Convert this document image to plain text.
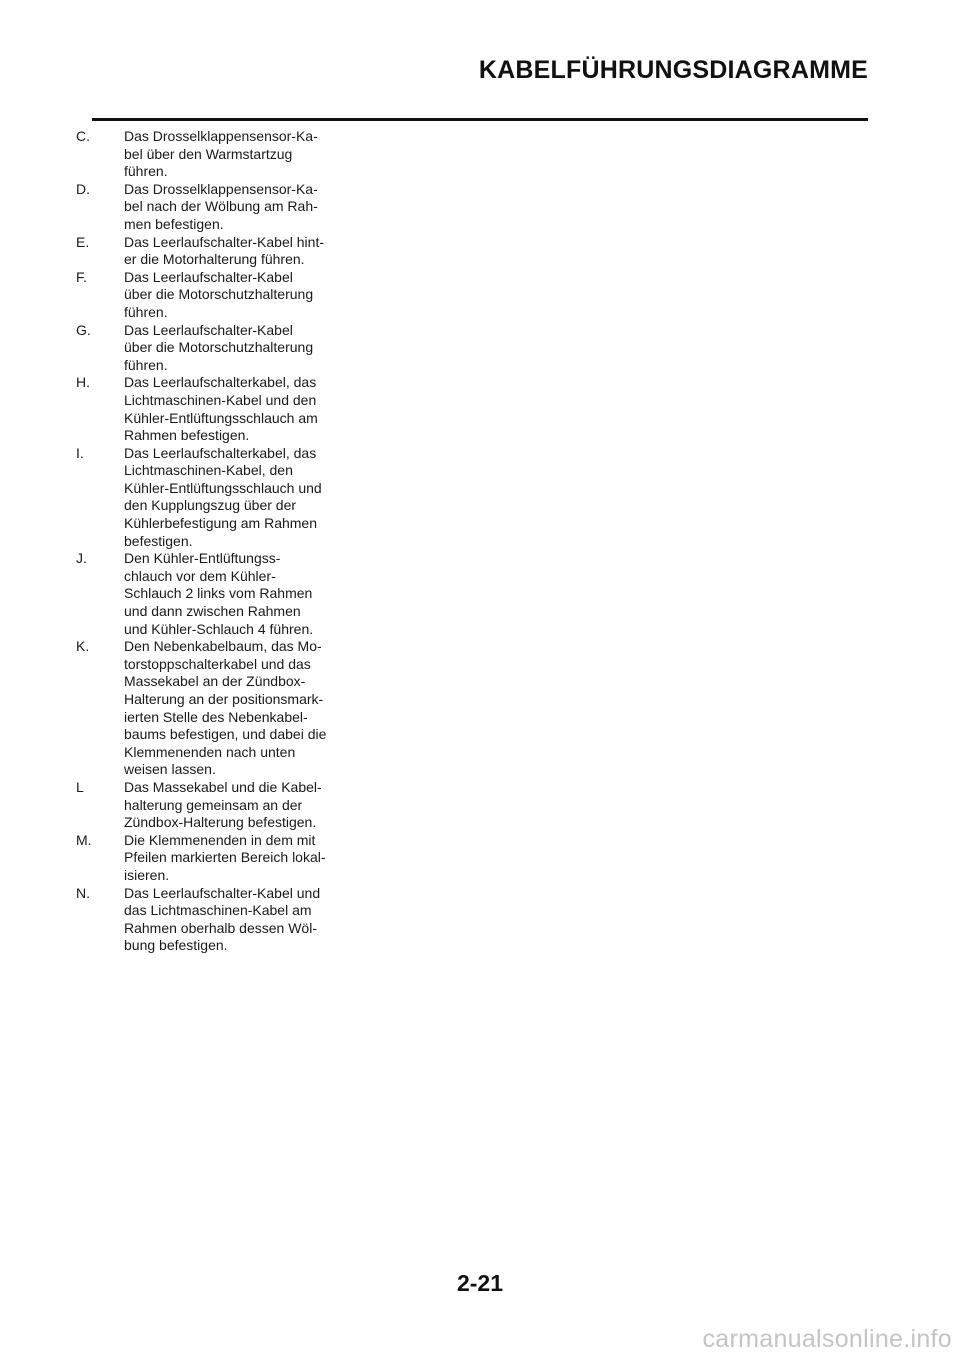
KABELFÜHRUNGSDIAGRAMME
C.	Das Drosselklappensensor-Ka-
bel über den Warmstartzug
führen.
D.	Das Drosselklappensensor-Ka-
bel nach der Wölbung am Rah-
men befestigen.
E.	Das Leerlaufschalter-Kabel hint-
er die Motorhalterung führen.
F.	Das Leerlaufschalter-Kabel
über die Motorschutzhalterung
führen.
G.	Das Leerlaufschalter-Kabel
über die Motorschutzhalterung
führen.
H.	Das Leerlaufschalterkabel, das
Lichtmaschinen-Kabel und den
Kühler-Entlüftungsschlauch am
Rahmen befestigen.
I.	Das Leerlaufschalterkabel, das
Lichtmaschinen-Kabel, den
Kühler-Entlüftungsschlauch und
den Kupplungszug über der
Kühlerbefestigung am Rahmen
befestigen.
J.	Den Kühler-Entlüftungss-
chlauch vor dem Kühler-
Schlauch 2 links vom Rahmen
und dann zwischen Rahmen
und Kühler-Schlauch 4 führen.
K.	Den Nebenkabelbaum, das Mo-
torstoppschalterkabel und das
Massekabel an der Zündbox-
Halterung an der positionsmark-
ierten Stelle des Nebenkabel-
baums befestigen, und dabei die
Klemmenenden nach unten
weisen lassen.
L	Das Massekabel und die Kabel-
halterung gemeinsam an der
Zündbox-Halterung befestigen.
M.	Die Klemmenenden in dem mit
Pfeilen markierten Bereich lokal-
isieren.
N.	Das Leerlaufschalter-Kabel und
das Lichtmaschinen-Kabel am
Rahmen oberhalb dessen Wöl-
bung befestigen.
2-21
carmanualsonline.info
